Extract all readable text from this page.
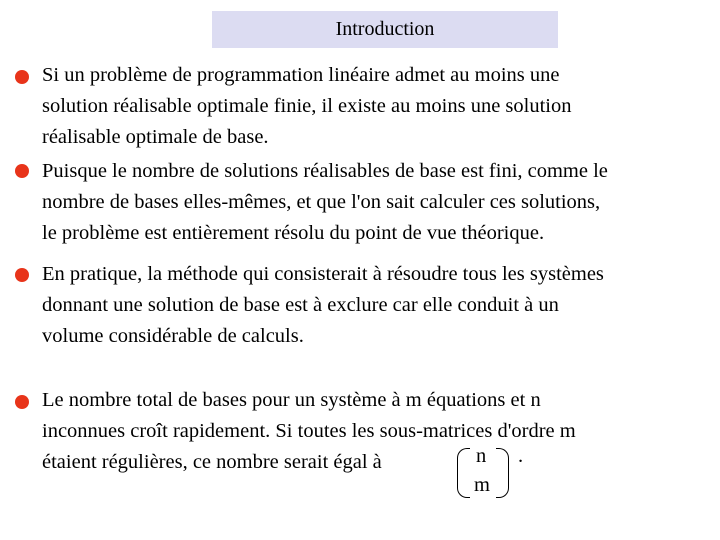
Introduction
Si un problème de programmation linéaire admet au moins une
solution réalisable optimale finie, il existe au moins une solution
réalisable optimale de base.
Puisque le nombre de solutions réalisables de base est fini, comme le
nombre de bases elles-mêmes, et que l'on sait calculer ces solutions,
le problème est entièrement résolu du point de vue théorique.
En pratique, la méthode qui consisterait à résoudre tous les systèmes
donnant une solution de base est à exclure car elle conduit à un
volume considérable de calculs.
Le nombre total de bases pour un système à m équations et n
inconnues croît rapidement. Si toutes les sous-matrices d'ordre m
étaient régulières, ce nombre serait égal à	n
m
.
